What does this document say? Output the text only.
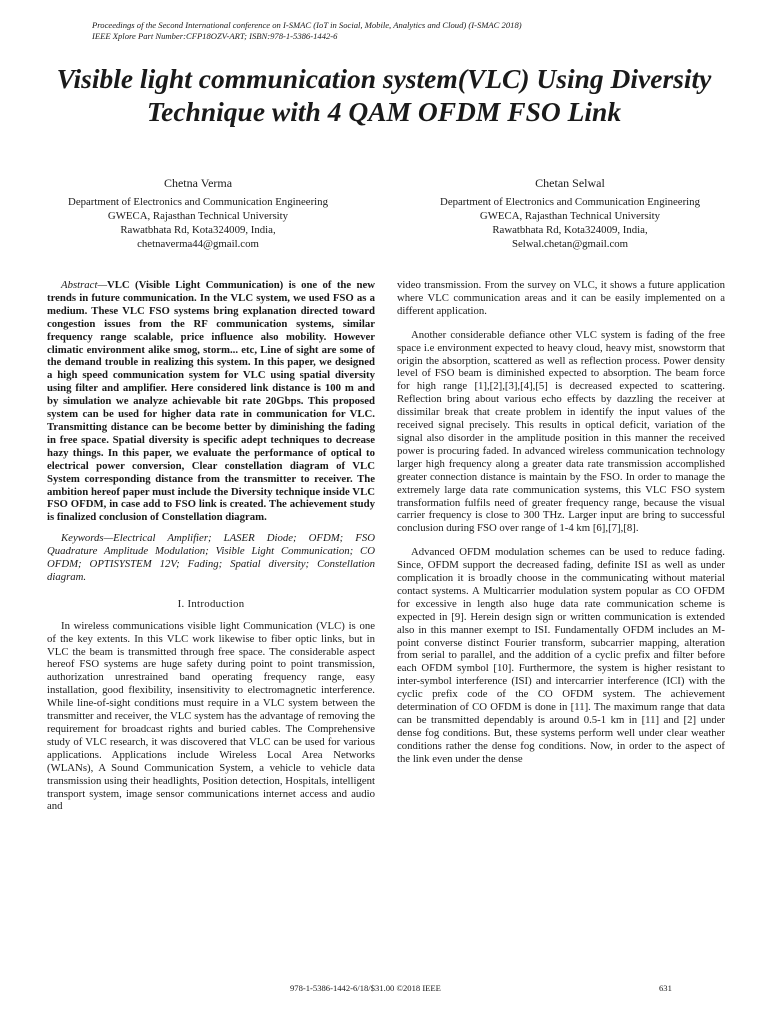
Proceedings of the Second International conference on I-SMAC (IoT in Social, Mobile, Analytics and Cloud) (I-SMAC 2018)
IEEE Xplore Part Number:CFP18OZV-ART; ISBN:978-1-5386-1442-6
Visible light communication system(VLC) Using Diversity Technique with 4 QAM OFDM FSO Link
Chetna Verma
Department of Electronics and Communication Engineering
GWECA, Rajasthan Technical University
Rawatbhata Rd, Kota324009, India,
chetnaverma44@gmail.com
Chetan Selwal
Department of Electronics and Communication Engineering
GWECA, Rajasthan Technical University
Rawatbhata Rd, Kota324009, India,
Selwal.chetan@gmail.com

Abstract—VLC (Visible Light Communication) is one of the new trends in future communication. In the VLC system, we used FSO as a medium. These VLC FSO systems bring explanation directed toward congestion issues from the RF communication systems, similar frequency range scalable, price influence also mobility. However climatic environment alike smog, storm... etc, Line of sight are some of the demand trouble in realizing this system. In this paper, we designed a high speed communication system for VLC using spatial diversity using filter and amplifier. Here considered link distance is 100 m and by simulation we analyze achievable bit rate 20Gbps. This proposed system can be used for higher data rate in communication for VLC. Transmitting distance can be become better by diminishing the fading in free space. Spatial diversity is specific adept techniques to decrease hazy things. In this paper, we evaluate the performance of optical to electrical power conversion, Clear constellation diagram of VLC System corresponding distance from the transmitter to receiver. The ambition hereof paper must include the Diversity technique inside VLC FSO OFDM, in case add to FSO link is created. The achievement study is finalized conclusion of Constellation diagram.

Keywords—Electrical Amplifier; LASER Diode; OFDM; FSO Quadrature Amplitude Modulation; Visible Light Communication; CO OFDM; OPTISYSTEM 12V; Fading; Spatial diversity; Constellation diagram.

I. Introduction

In wireless communications visible light Communication (VLC) is one of the key extents. In this VLC work likewise to fiber optic links, but in VLC the beam is transmitted through free space. The considerable aspect hereof FSO systems are huge safety during point to point transmission, authorization unrestrained band operating frequency range, easy installation, good flexibility, insensitivity to electromagnetic interference. While line-of-sight conditions must require in a VLC system between the transmitter and receiver, the VLC system has the advantage of removing the requirement for broadcast rights and buried cables. The Comprehensive study of VLC research, it was discovered that VLC can be used for various applications. Applications include Wireless Local Area Networks (WLANs), A Sound Communication System, a vehicle to vehicle data transmission using their headlights, Position detection, Hospitals, intelligent transport system, image sensor communications internet access and audio and

video transmission. From the survey on VLC, it shows a future application where VLC communication areas and it can be easily implemented on a different application.

Another considerable defiance other VLC system is fading of the free space i.e environment expected to heavy cloud, heavy mist, snowstorm that origin the absorption, scattered as well as reflection process. Power density level of FSO beam is diminished expected to absorption. The beam force for high range [1],[2],[3],[4],[5] is decreased expected to scattering. Reflection bring about various echo effects by dazzling the receiver at dissimilar break that create problem in identify the input values of the received signal precisely. This results in optical deficit, variation of the signal also disorder in the amplitude position in this manner the received power is procuring faded. In advanced wireless communication technology larger high frequency along a greater data rate transmission accomplished greater connection distance is maintain by the FSO. In order to manage the extremely large data rate communication systems, this VLC FSO system transformation fulfils need of greater frequency range, because the visual carrier frequency is close to 300 THz. Larger input are bring to successful conclusion during FSO over range of 1-4 km [6],[7],[8].

Advanced OFDM modulation schemes can be used to reduce fading. Since, OFDM support the decreased fading, definite ISI as well as under complication it is broadly choose in the communicating without material contact systems. A Multicarrier modulation system popular as CO OFDM for excessive in length also huge data rate communication scheme is expected in [9]. Herein design sign or written communication is extended also in this manner exempt to ISI. Fundamentally OFDM includes an M-point converse distinct Fourier transform, subcarrier mapping, alteration from serial to parallel, and the addition of a cyclic prefix and filter before each OFDM symbol [10]. Furthermore, the system is higher resistant to inter-symbol interference (ISI) and intercarrier interference (ICI) with the cyclic prefix code of the CO OFDM system. The achievement determination of CO OFDM is done in [11]. The maximum range that data can be transmitted dependably is around 0.5-1 km in [11] and [2] under dense fog conditions. But, these systems perform well under clear weather conditions rather the dense fog conditions. Now, in order to the aspect of the link even under the dense

978-1-5386-1442-6/18/$31.00 ©2018 IEEE	631
